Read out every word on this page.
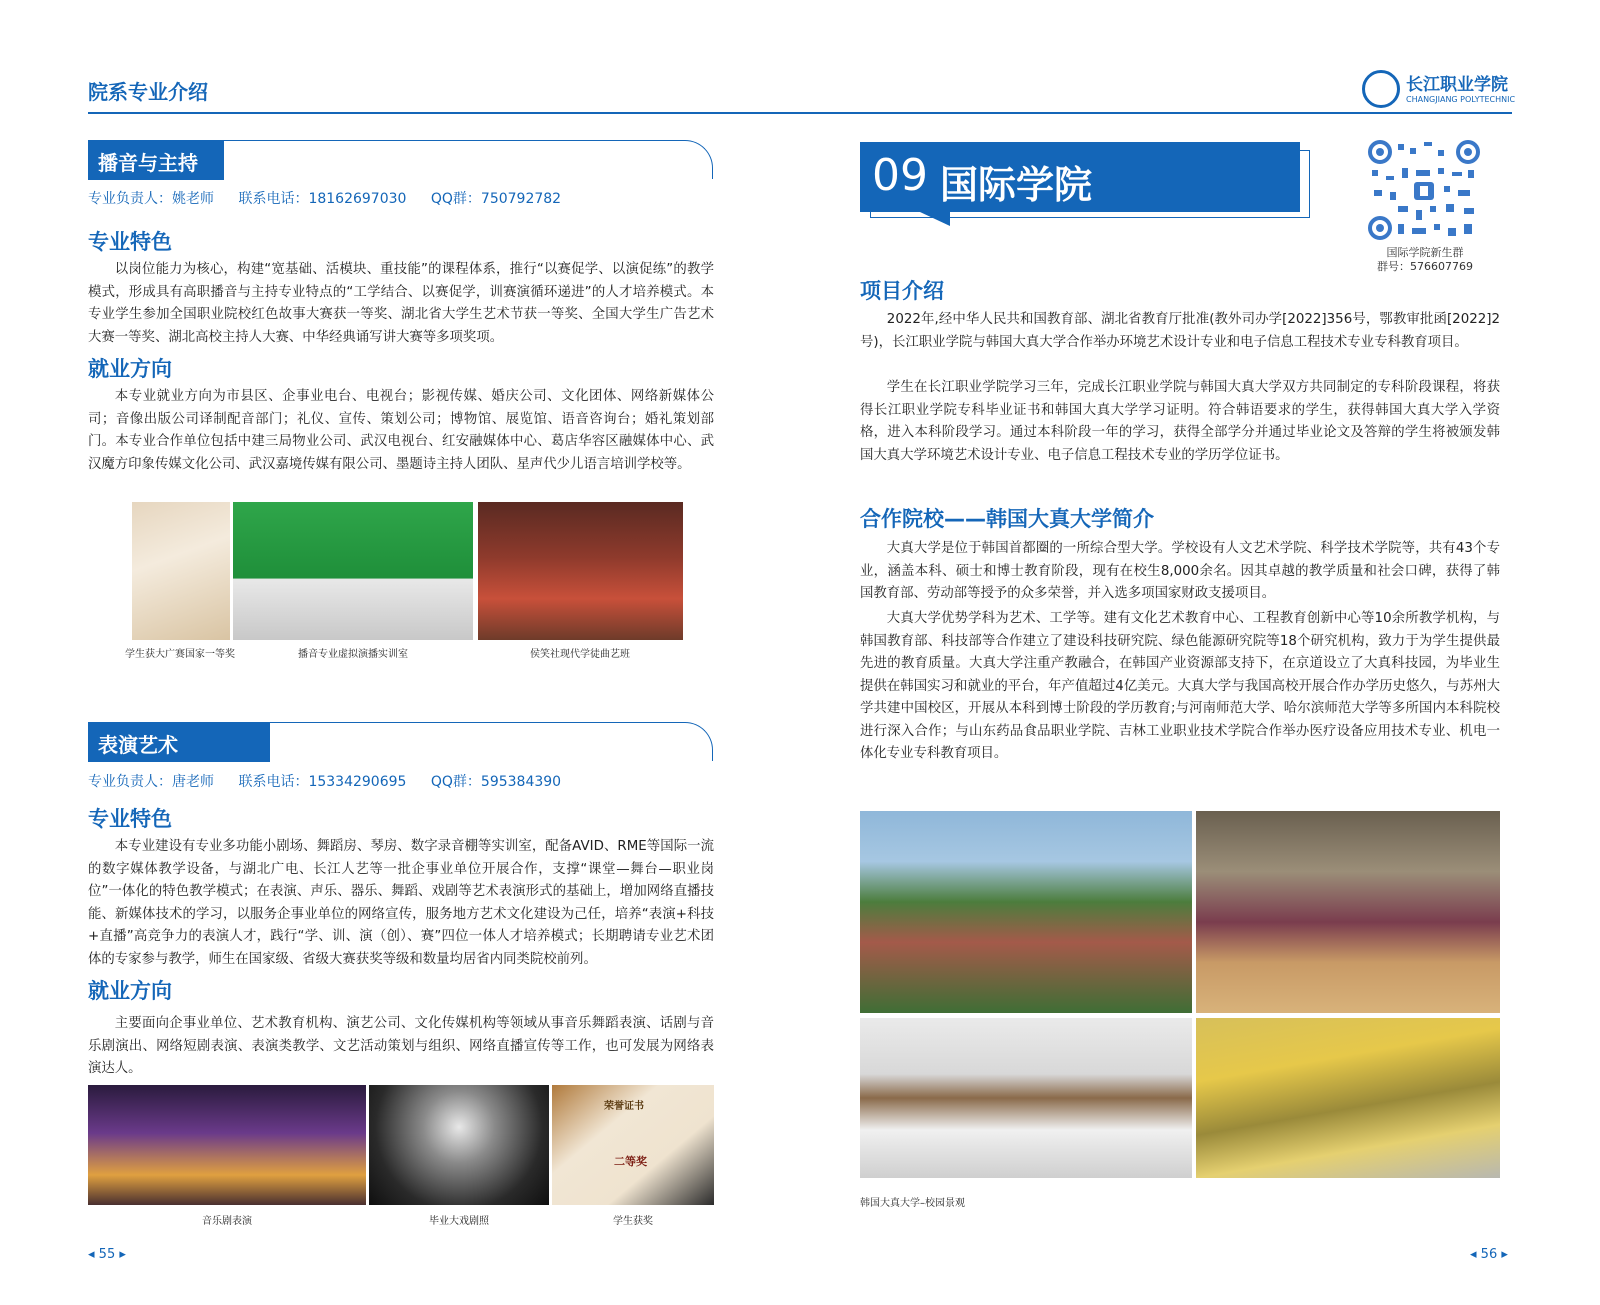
院系专业介绍	长江职业学院
CHANGJIANG POLYTECHNIC
播音与主持
专业负责人：姚老师 联系电话：18162697030 QQ群：750792782
专业特色
以岗位能力为核心，构建“宽基础、活模块、重技能”的课程体系，推行“以赛促学、以演促练”的教学模式，形成具有高职播音与主持专业特点的“工学结合、以赛促学，训赛演循环递进”的人才培养模式。本专业学生参加全国职业院校红色故事大赛获一等奖、湖北省大学生艺术节获一等奖、全国大学生广告艺术大赛一等奖、湖北高校主持人大赛、中华经典诵写讲大赛等多项奖项。
就业方向
本专业就业方向为市县区、企事业电台、电视台；影视传媒、婚庆公司、文化团体、网络新媒体公司；音像出版公司译制配音部门；礼仪、宣传、策划公司；博物馆、展览馆、语音咨询台；婚礼策划部门。本专业合作单位包括中建三局物业公司、武汉电视台、红安融媒体中心、葛店华容区融媒体中心、武汉魔方印象传媒文化公司、武汉嘉境传媒有限公司、墨题诗主持人团队、星声代少儿语言培训学校等。
学生获大广赛国家一等奖	播音专业虚拟演播实训室	侯笑社现代学徒曲艺班
表演艺术
专业负责人：唐老师 联系电话：15334290695 QQ群：595384390
专业特色
本专业建设有专业多功能小剧场、舞蹈房、琴房、数字录音棚等实训室，配备AVID、RME等国际一流的数字媒体教学设备，与湖北广电、长江人艺等一批企事业单位开展合作，支撑“课堂—舞台—职业岗位”一体化的特色教学模式；在表演、声乐、器乐、舞蹈、戏剧等艺术表演形式的基础上，增加网络直播技能、新媒体技术的学习，以服务企事业单位的网络宣传，服务地方艺术文化建设为己任，培养“表演+科技+直播”高竞争力的表演人才，践行“学、训、演（创）、赛”四位一体人才培养模式；长期聘请专业艺术团体的专家参与教学，师生在国家级、省级大赛获奖等级和数量均居省内同类院校前列。
就业方向
主要面向企事业单位、艺术教育机构、演艺公司、文化传媒机构等领域从事音乐舞蹈表演、话剧与音乐剧演出、网络短剧表演、表演类教学、文艺活动策划与组织、网络直播宣传等工作，也可发展为网络表演达人。
荣誉证书
二等奖
音乐剧表演	毕业大戏剧照	学生获奖
◂ 55 ▸
09 国际学院
国际学院新生群
群号：576607769
项目介绍
2022年,经中华人民共和国教育部、湖北省教育厅批准(教外司办学[2022]356号，鄂教审批函[2022]2号)，长江职业学院与韩国大真大学合作举办环境艺术设计专业和电子信息工程技术专业专科教育项目。
学生在长江职业学院学习三年，完成长江职业学院与韩国大真大学双方共同制定的专科阶段课程，将获得长江职业学院专科毕业证书和韩国大真大学学习证明。符合韩语要求的学生，获得韩国大真大学入学资格，进入本科阶段学习。通过本科阶段一年的学习，获得全部学分并通过毕业论文及答辩的学生将被颁发韩国大真大学环境艺术设计专业、电子信息工程技术专业的学历学位证书。
合作院校——韩国大真大学简介
大真大学是位于韩国首都圈的一所综合型大学。学校设有人文艺术学院、科学技术学院等，共有43个专业，涵盖本科、硕士和博士教育阶段，现有在校生8,000余名。因其卓越的教学质量和社会口碑，获得了韩国教育部、劳动部等授予的众多荣誉，并入选多项国家财政支援项目。
大真大学优势学科为艺术、工学等。建有文化艺术教育中心、工程教育创新中心等10余所教学机构，与韩国教育部、科技部等合作建立了建设科技研究院、绿色能源研究院等18个研究机构，致力于为学生提供最先进的教育质量。大真大学注重产教融合，在韩国产业资源部支持下，在京道设立了大真科技园，为毕业生提供在韩国实习和就业的平台，年产值超过4亿美元。大真大学与我国高校开展合作办学历史悠久，与苏州大学共建中国校区，开展从本科到博士阶段的学历教育;与河南师范大学、哈尔滨师范大学等多所国内本科院校进行深入合作；与山东药品食品职业学院、吉林工业职业技术学院合作举办医疗设备应用技术专业、机电一体化专业专科教育项目。
韩国大真大学–校园景观
◂ 56 ▸
